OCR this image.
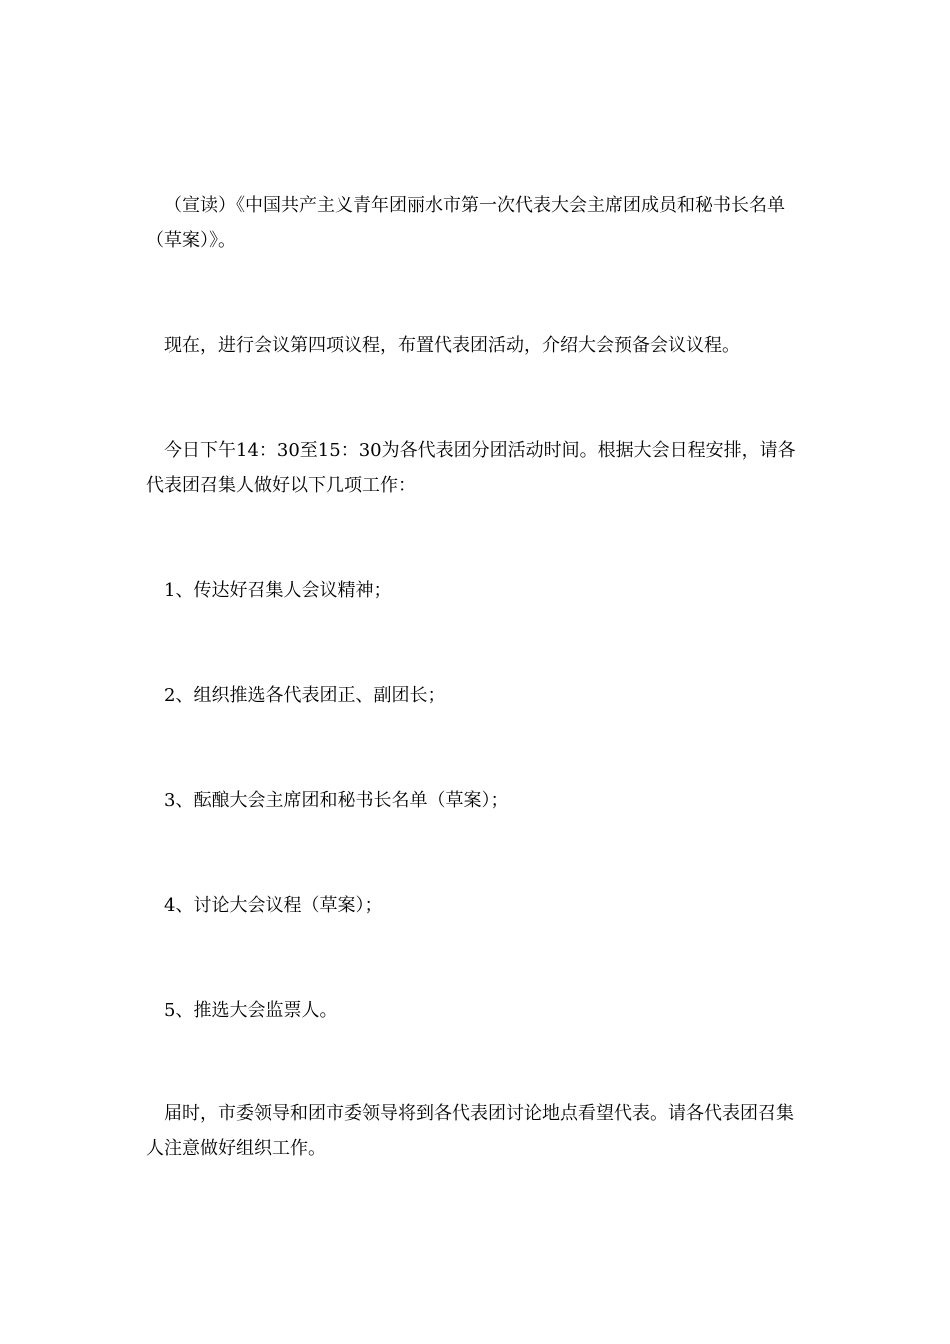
（宣读）《中国共产主义青年团丽水市第一次代表大会主席团成员和秘书长名单（草案）》。

现在，进行会议第四项议程，布置代表团活动，介绍大会预备会议议程。

今日下午14：30至15：30为各代表团分团活动时间。根据大会日程安排，请各代表团召集人做好以下几项工作：

1、传达好召集人会议精神；

2、组织推选各代表团正、副团长；

3、酝酿大会主席团和秘书长名单（草案）；

4、讨论大会议程（草案）；

5、推选大会监票人。

届时，市委领导和团市委领导将到各代表团讨论地点看望代表。请各代表团召集人注意做好组织工作。
